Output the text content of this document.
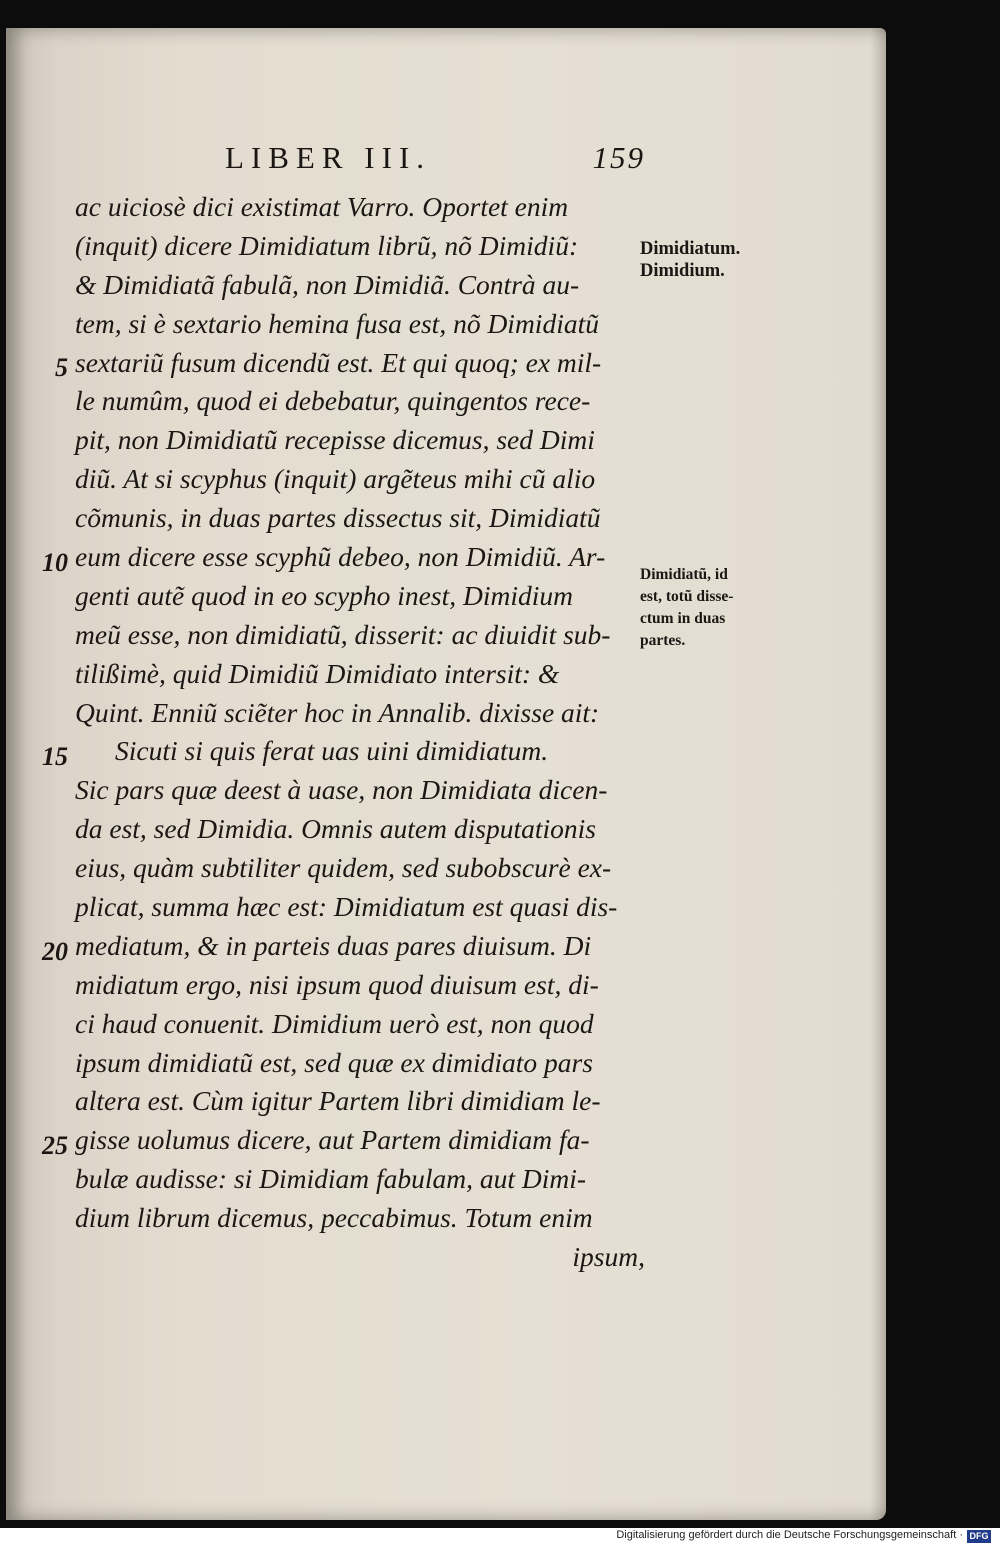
LIBER III.	159
ac uiciosè dici existimat Varro. Oportet enim
(inquit) dicere Dimidiatum librũ, nõ Dimidiũ:
& Dimidiatã fabulã, non Dimidiã. Contrà au-
tem, si è sextario hemina fusa est, nõ Dimidiatũ
sextariũ fusum dicendũ est. Et qui quoq; ex mil-
le numûm, quod ei debebatur, quingentos rece-
pit, non Dimidiatũ recepisse dicemus, sed Dimi
diũ. At si scyphus (inquit) argẽteus mihi cũ alio
cõmunis, in duas partes dissectus sit, Dimidiatũ
eum dicere esse scyphũ debeo, non Dimidiũ. Ar-
genti autẽ quod in eo scypho inest, Dimidium
meũ esse, non dimidiatũ, disserit: ac diuidit sub-
tilißimè, quid Dimidiũ Dimidiato intersit: &
Quint. Enniũ sciẽter hoc in Annalib. dixisse ait:
Sicuti si quis ferat uas uini dimidiatum.
Sic pars quæ deest à uase, non Dimidiata dicen-
da est, sed Dimidia. Omnis autem disputationis
eius, quàm subtiliter quidem, sed subobscurè ex-
plicat, summa hæc est: Dimidiatum est quasi dis-
mediatum, & in parteis duas pares diuisum. Di
midiatum ergo, nisi ipsum quod diuisum est, di-
ci haud conuenit. Dimidium uerò est, non quod
ipsum dimidiatũ est, sed quæ ex dimidiato pars
altera est. Cùm igitur Partem libri dimidiam le-
gisse uolumus dicere, aut Partem dimidiam fa-
bulæ audisse: si Dimidiam fabulam, aut Dimi-
dium librum dicemus, peccabimus. Totum enim
ipsum,
5
10
15
20
25
Dimidiatum.
Dimidium.
Dimidiatũ, id
est, totũ disse-
ctum in duas
partes.
Digitalisierung gefördert durch die Deutsche Forschungsgemeinschaft · DFG
